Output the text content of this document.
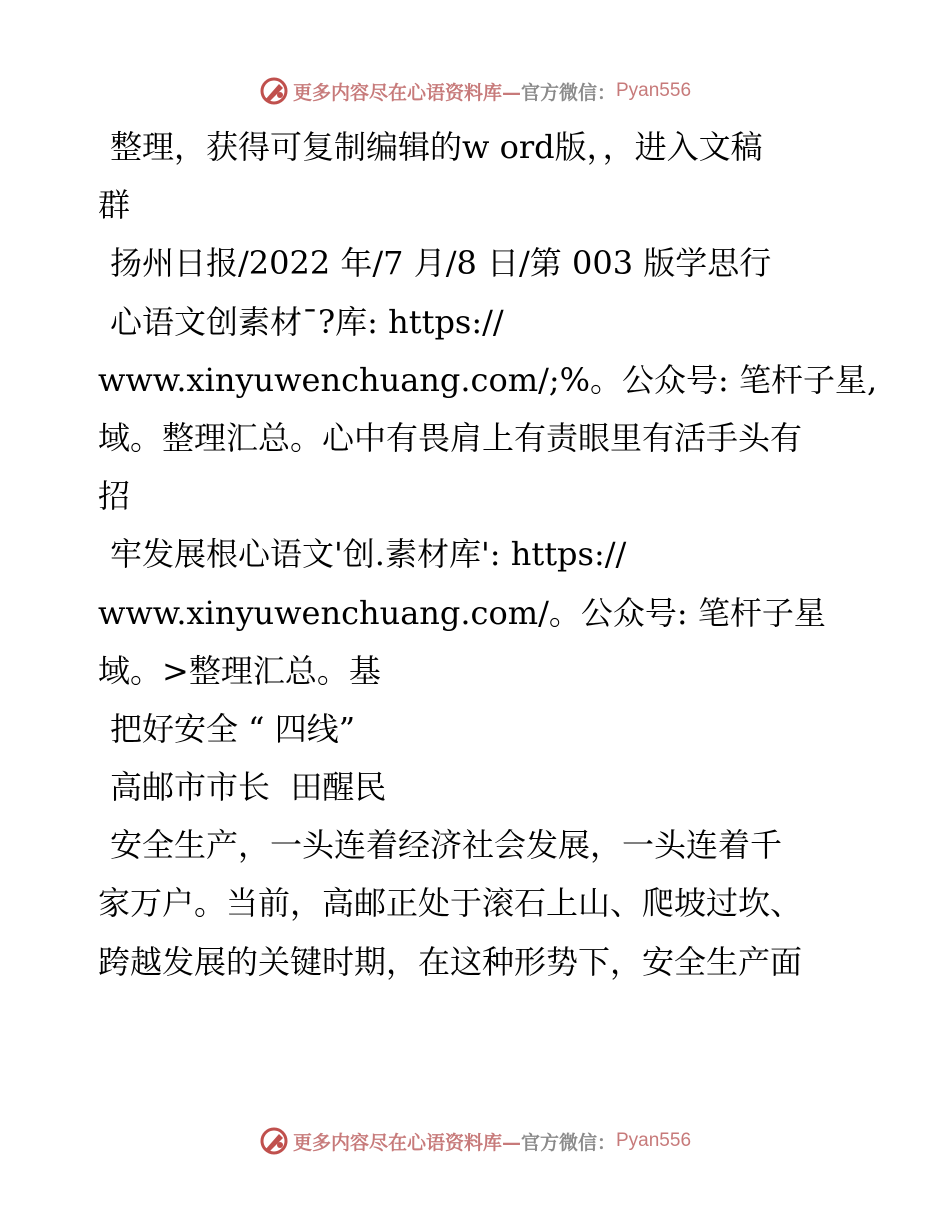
更多内容尽在心语资料库— 官方微信： Pyan556
整理，获得可复制编辑的w ord版，，进入文稿
群
扬州日报/2022 年/7 月/8 日/第 003 版学思行
心语文创素材¯?库: https://
www.xinyuwenchuang.com/;%。公众号: 笔杆子星,
域。整理汇总。心中有畏肩上有责眼里有活手头有
招
牢发展根心语文'创.素材库': https://
www.xinyuwenchuang.com/。公众号: 笔杆子星
域。>整理汇总。基
把好安全 “ 四线”
高邮市市长  田醒民
安全生产，一头连着经济社会发展，一头连着千
家万户。当前，高邮正处于滚石上山、爬坡过坎、
跨越发展的关键时期，在这种形势下，安全生产面
更多内容尽在心语资料库— 官方微信： Pyan556
